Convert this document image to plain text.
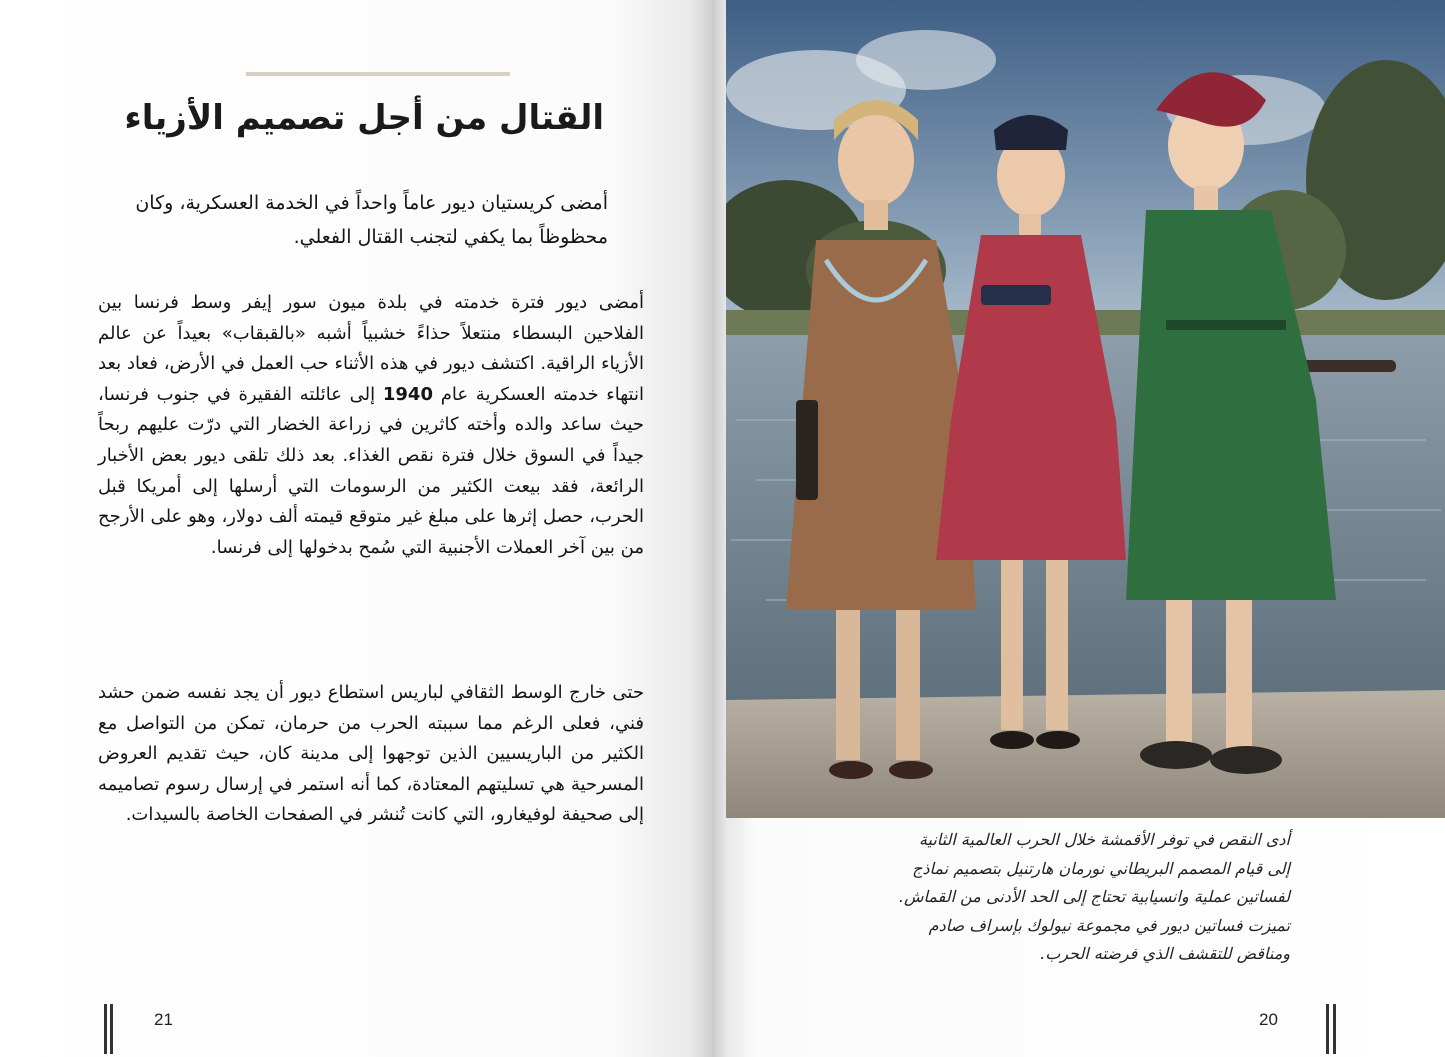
القتال من أجل تصميم الأزياء
أمضى كريستيان ديور عاماً واحداً في الخدمة العسكرية، وكان محظوظاً بما يكفي لتجنب القتال الفعلي.
أمضى ديور فترة خدمته في بلدة ميون سور إيفر وسط فرنسا بين الفلاحين البسطاء منتعلاً حذاءً خشبياً أشبه «بالقبقاب» بعيداً عن عالم الأزياء الراقية. اكتشف ديور في هذه الأثناء حب العمل في الأرض، فعاد بعد انتهاء خدمته العسكرية عام 1940 إلى عائلته الفقيرة في جنوب فرنسا، حيث ساعد والده وأخته كاثرين في زراعة الخضار التي درّت عليهم ربحاً جيداً في السوق خلال فترة نقص الغذاء. بعد ذلك تلقى ديور بعض الأخبار الرائعة، فقد بيعت الكثير من الرسومات التي أرسلها إلى أمريكا قبل الحرب، حصل إثرها على مبلغ غير متوقع قيمته ألف دولار، وهو على الأرجح من بين آخر العملات الأجنبية التي سُمح بدخولها إلى فرنسا.
حتى خارج الوسط الثقافي لباريس استطاع ديور أن يجد نفسه ضمن حشد فني، فعلى الرغم مما سببته الحرب من حرمان، تمكن من التواصل مع الكثير من الباريسيين الذين توجهوا إلى مدينة كان، حيث تقديم العروض المسرحية هي تسليتهم المعتادة، كما أنه استمر في إرسال رسوم تصاميمه إلى صحيفة لوفيغارو، التي كانت تُنشر في الصفحات الخاصة بالسيدات.
21
أدى النقص في توفر الأقمشة خلال الحرب العالمية الثانية
إلى قيام المصمم البريطاني نورمان هارتنيل بتصميم نماذج
لفساتين عملية وانسيابية تحتاج إلى الحد الأدنى من القماش.
تميزت فساتين ديور في مجموعة نيولوك بإسراف صادم
ومناقض للتقشف الذي فرضته الحرب.
20
